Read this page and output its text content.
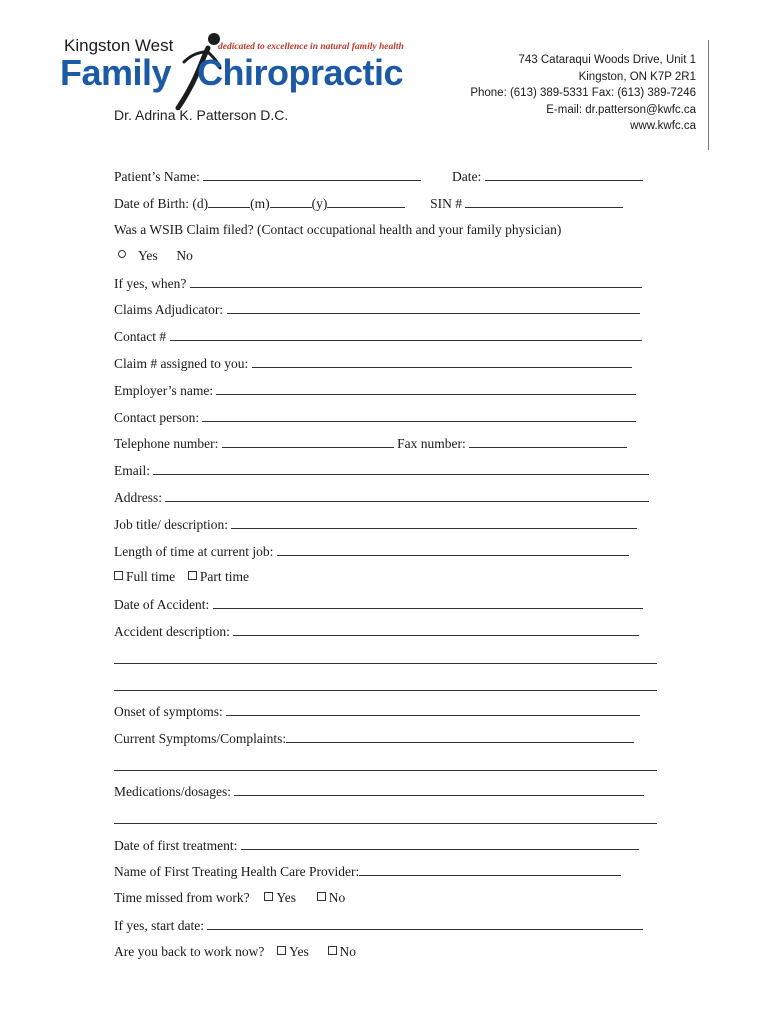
Kingston West	dedicated to excellence in natural family health
Family Chiropractic
Dr. Adrina K. Patterson D.C.
743 Cataraqui Woods Drive, Unit 1
Kingston, ON K7P 2R1
Phone: (613) 389-5331 Fax: (613) 389-7246
E-mail: dr.patterson@kwfc.ca
www.kwfc.ca
Patient’s Name:	Date:
Date of Birth: (d)	(m)	(y)	SIN #
Was a WSIB Claim filed? (Contact occupational health and your family physician)
Yes No
If yes, when?
Claims Adjudicator:
Contact #
Claim # assigned to you:
Employer’s name:
Contact person:
Telephone number:	Fax number:
Email:
Address:
Job title/ description:
Length of time at current job:
Full time Part time
Date of Accident:
Accident description:
Onset of symptoms:
Current Symptoms/Complaints:
Medications/dosages:
Date of first treatment:
Name of First Treating Health Care Provider:
Time missed from work? Yes No
If yes, start date:
Are you back to work now? Yes No
